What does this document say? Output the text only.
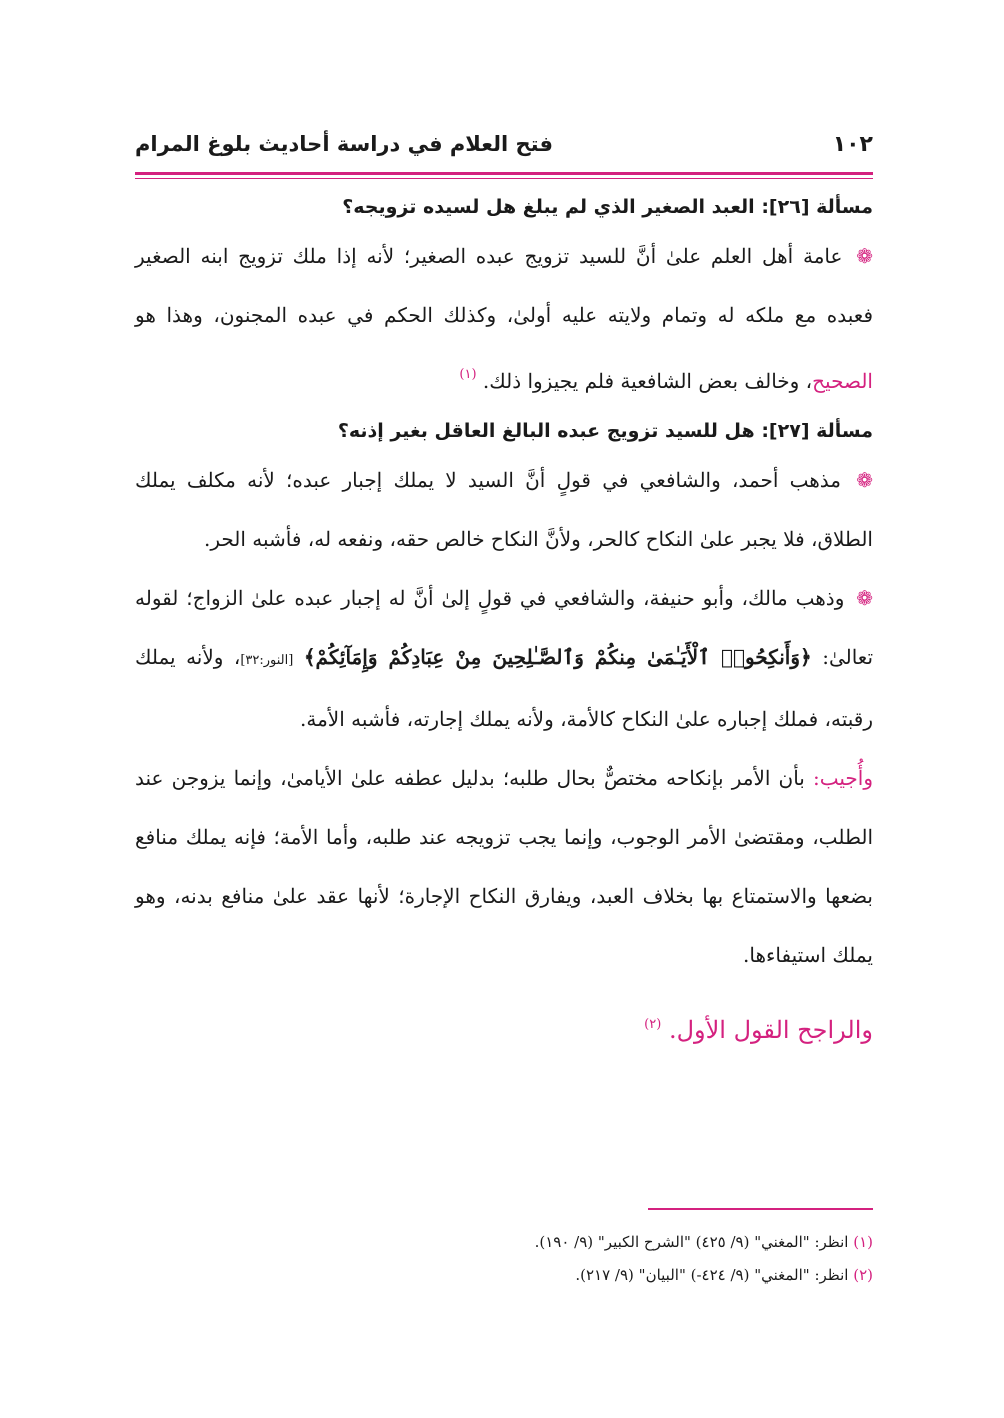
١٠٢
فتح العلام في دراسة أحاديث بلوغ المرام

مسألة [٢٦]: العبد الصغير الذي لم يبلغ هل لسيده تزويجه؟

❁ عامة أهل العلم علىٰ أنَّ للسيد تزويج عبده الصغير؛ لأنه إذا ملك تزويج ابنه الصغير فعبده مع ملكه له وتمام ولايته عليه أولىٰ، وكذلك الحكم في عبده المجنون، وهذا هو الصحيح، وخالف بعض الشافعية فلم يجيزوا ذلك. $^{(١)}$

مسألة [٢٧]: هل للسيد تزويج عبده البالغ العاقل بغير إذنه؟

❁ مذهب أحمد، والشافعي في قولٍ أنَّ السيد لا يملك إجبار عبده؛ لأنه مكلف يملك الطلاق، فلا يجبر علىٰ النكاح كالحر، ولأنَّ النكاح خالص حقه، ونفعه له، فأشبه الحر.

❁ وذهب مالك، وأبو حنيفة، والشافعي في قولٍ إلىٰ أنَّ له إجبار عبده علىٰ الزواج؛ لقوله تعالىٰ: ﴿وَأَنكِحُوا۟ ٱلْأَيَـٰمَىٰ مِنكُمْ وَٱلصَّـٰلِحِينَ مِنْ عِبَادِكُمْ وَإِمَآئِكُمْ﴾ [النور:٣٢]، ولأنه يملك رقبته، فملك إجباره علىٰ النكاح كالأمة، ولأنه يملك إجارته، فأشبه الأمة.

وأُجيب: بأن الأمر بإنكاحه مختصٌّ بحال طلبه؛ بدليل عطفه علىٰ الأيامىٰ، وإنما يزوجن عند الطلب، ومقتضىٰ الأمر الوجوب، وإنما يجب تزويجه عند طلبه، وأما الأمة؛ فإنه يملك منافع بضعها والاستمتاع بها بخلاف العبد، ويفارق النكاح الإجارة؛ لأنها عقد علىٰ منافع بدنه، وهو يملك استيفاءها.

والراجح القول الأول. $^{(٢)}$

(١) انظر: "المغني" (٩/ ٤٢٥) "الشرح الكبير" (٩/ ١٩٠).
(٢) انظر: "المغني" (٩/ ٤٢٤-) "البيان" (٩/ ٢١٧).
